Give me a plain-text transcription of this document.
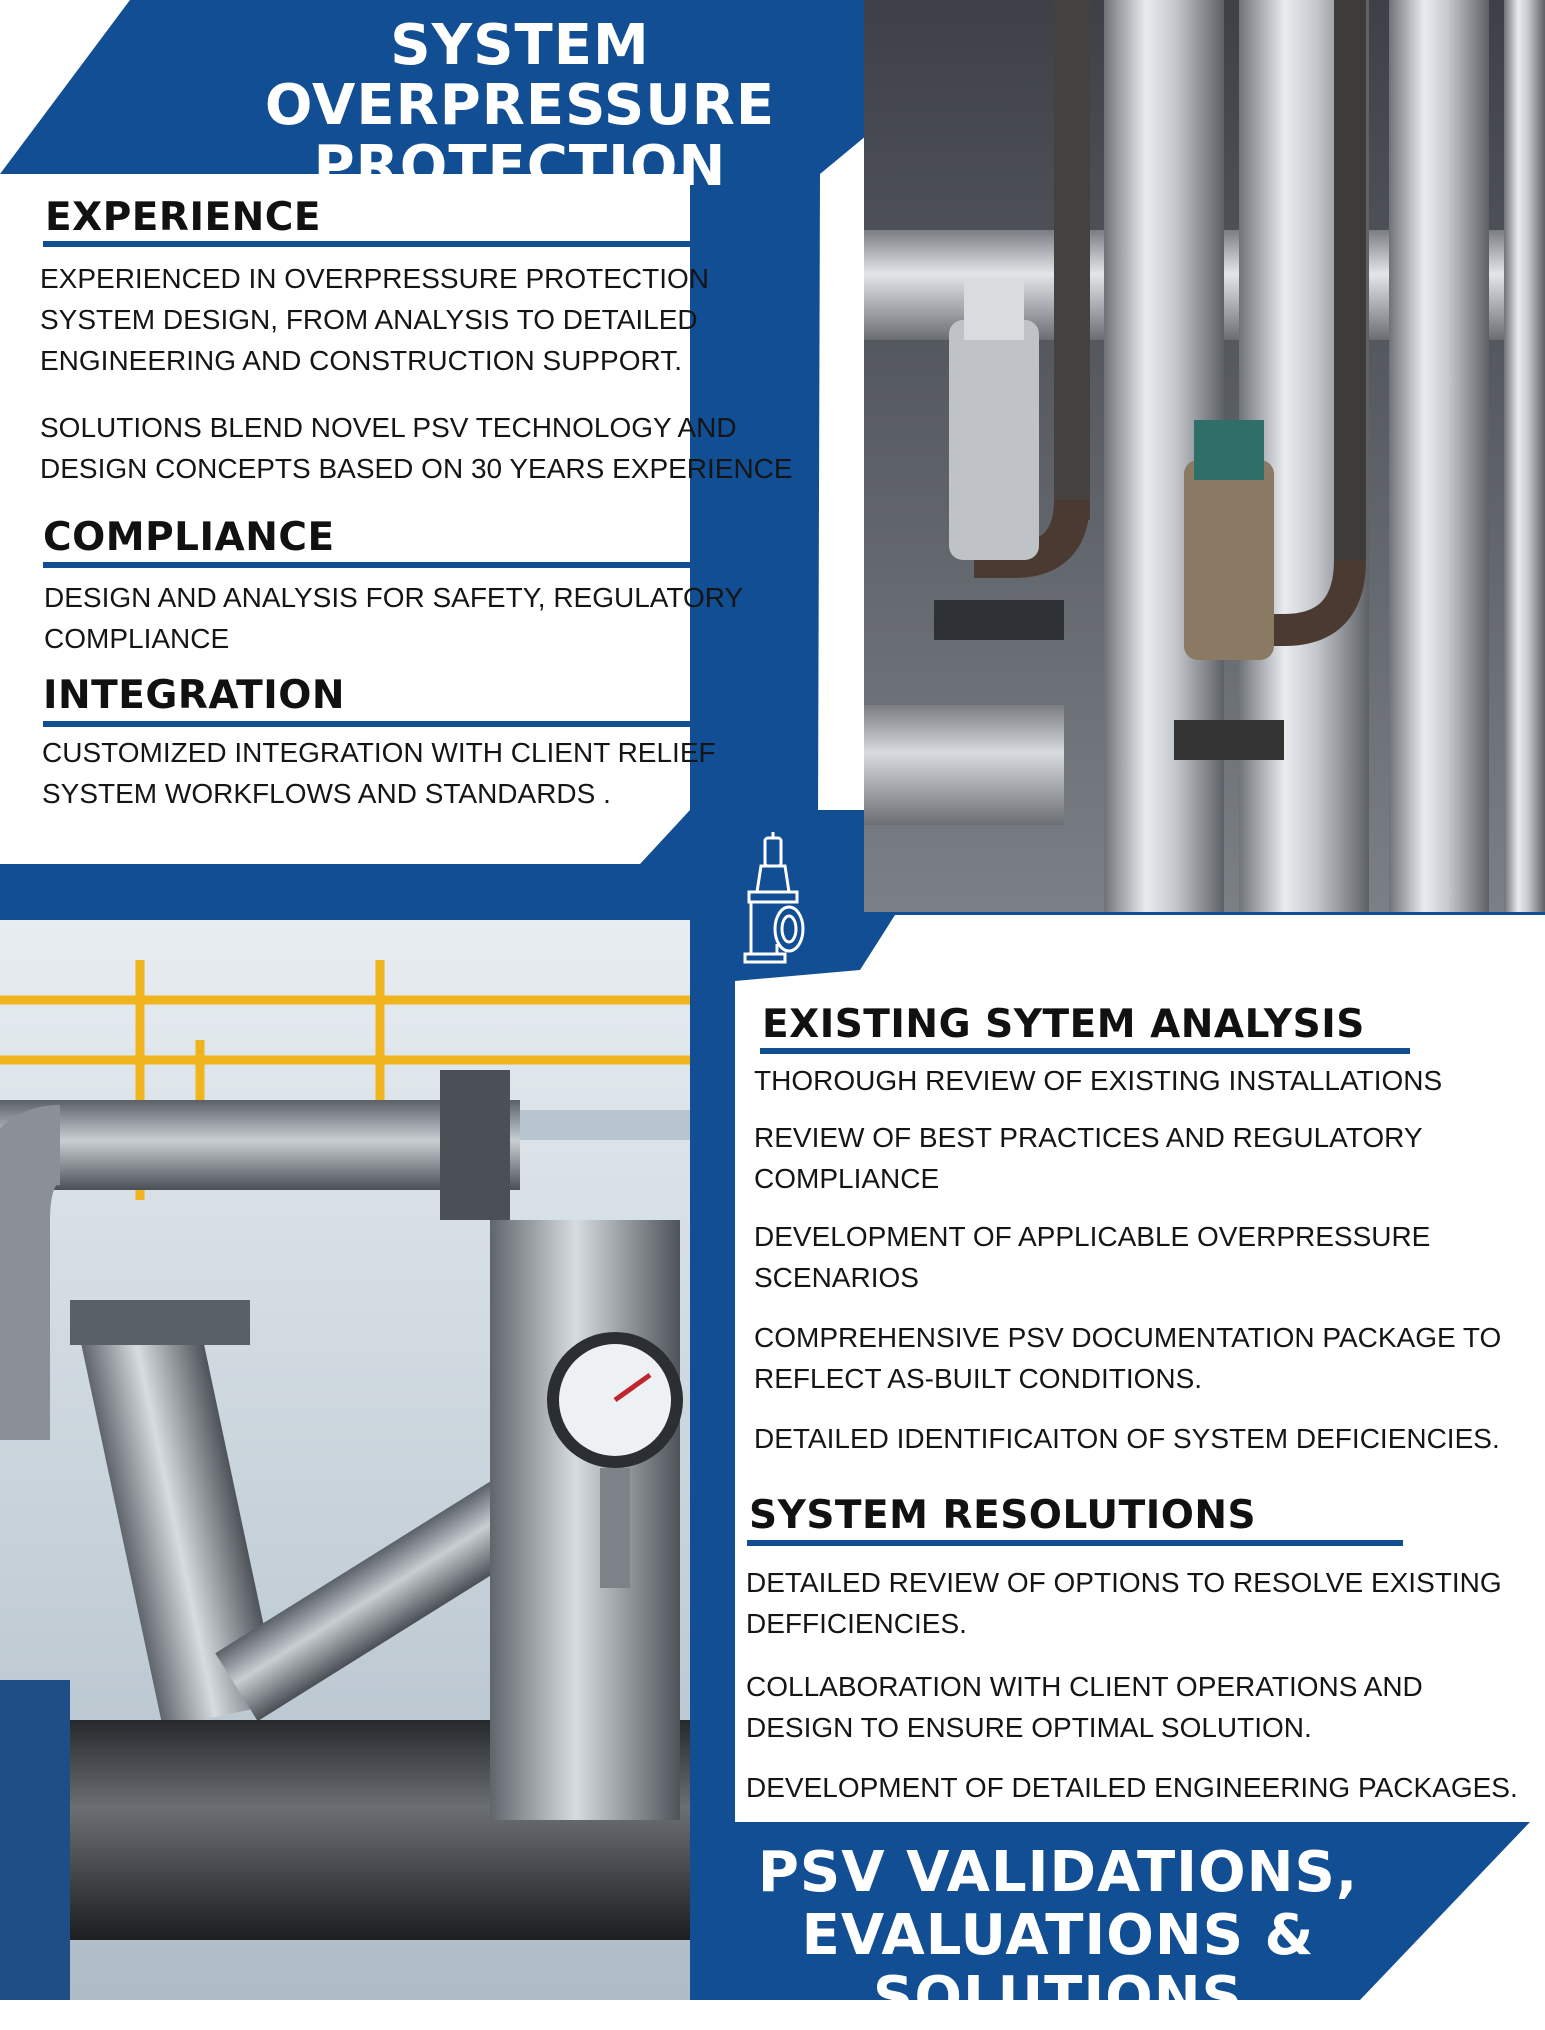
SYSTEM OVERPRESSURE
PROTECTION
EXPERIENCE

EXPERIENCED IN OVERPRESSURE PROTECTION SYSTEM DESIGN, FROM ANALYSIS TO DETAILED ENGINEERING AND CONSTRUCTION SUPPORT.

SOLUTIONS BLEND NOVEL PSV TECHNOLOGY AND DESIGN CONCEPTS BASED ON 30 YEARS EXPERIENCE

COMPLIANCE

DESIGN AND ANALYSIS FOR SAFETY, REGULATORY COMPLIANCE

INTEGRATION

CUSTOMIZED INTEGRATION WITH CLIENT RELIEF SYSTEM WORKFLOWS AND STANDARDS .

EXISTING SYTEM ANALYSIS

THOROUGH REVIEW OF EXISTING INSTALLATIONS

REVIEW OF BEST PRACTICES AND REGULATORY COMPLIANCE

DEVELOPMENT OF APPLICABLE OVERPRESSURE SCENARIOS

COMPREHENSIVE PSV DOCUMENTATION PACKAGE TO REFLECT AS-BUILT CONDITIONS.

DETAILED IDENTIFICAITON OF SYSTEM DEFICIENCIES.

SYSTEM RESOLUTIONS

DETAILED REVIEW OF OPTIONS TO RESOLVE EXISTING DEFFICIENCIES.

COLLABORATION WITH CLIENT OPERATIONS AND DESIGN TO ENSURE OPTIMAL SOLUTION.

DEVELOPMENT OF DETAILED ENGINEERING PACKAGES.

PSV VALIDATIONS,
EVALUATIONS & SOLUTIONS
